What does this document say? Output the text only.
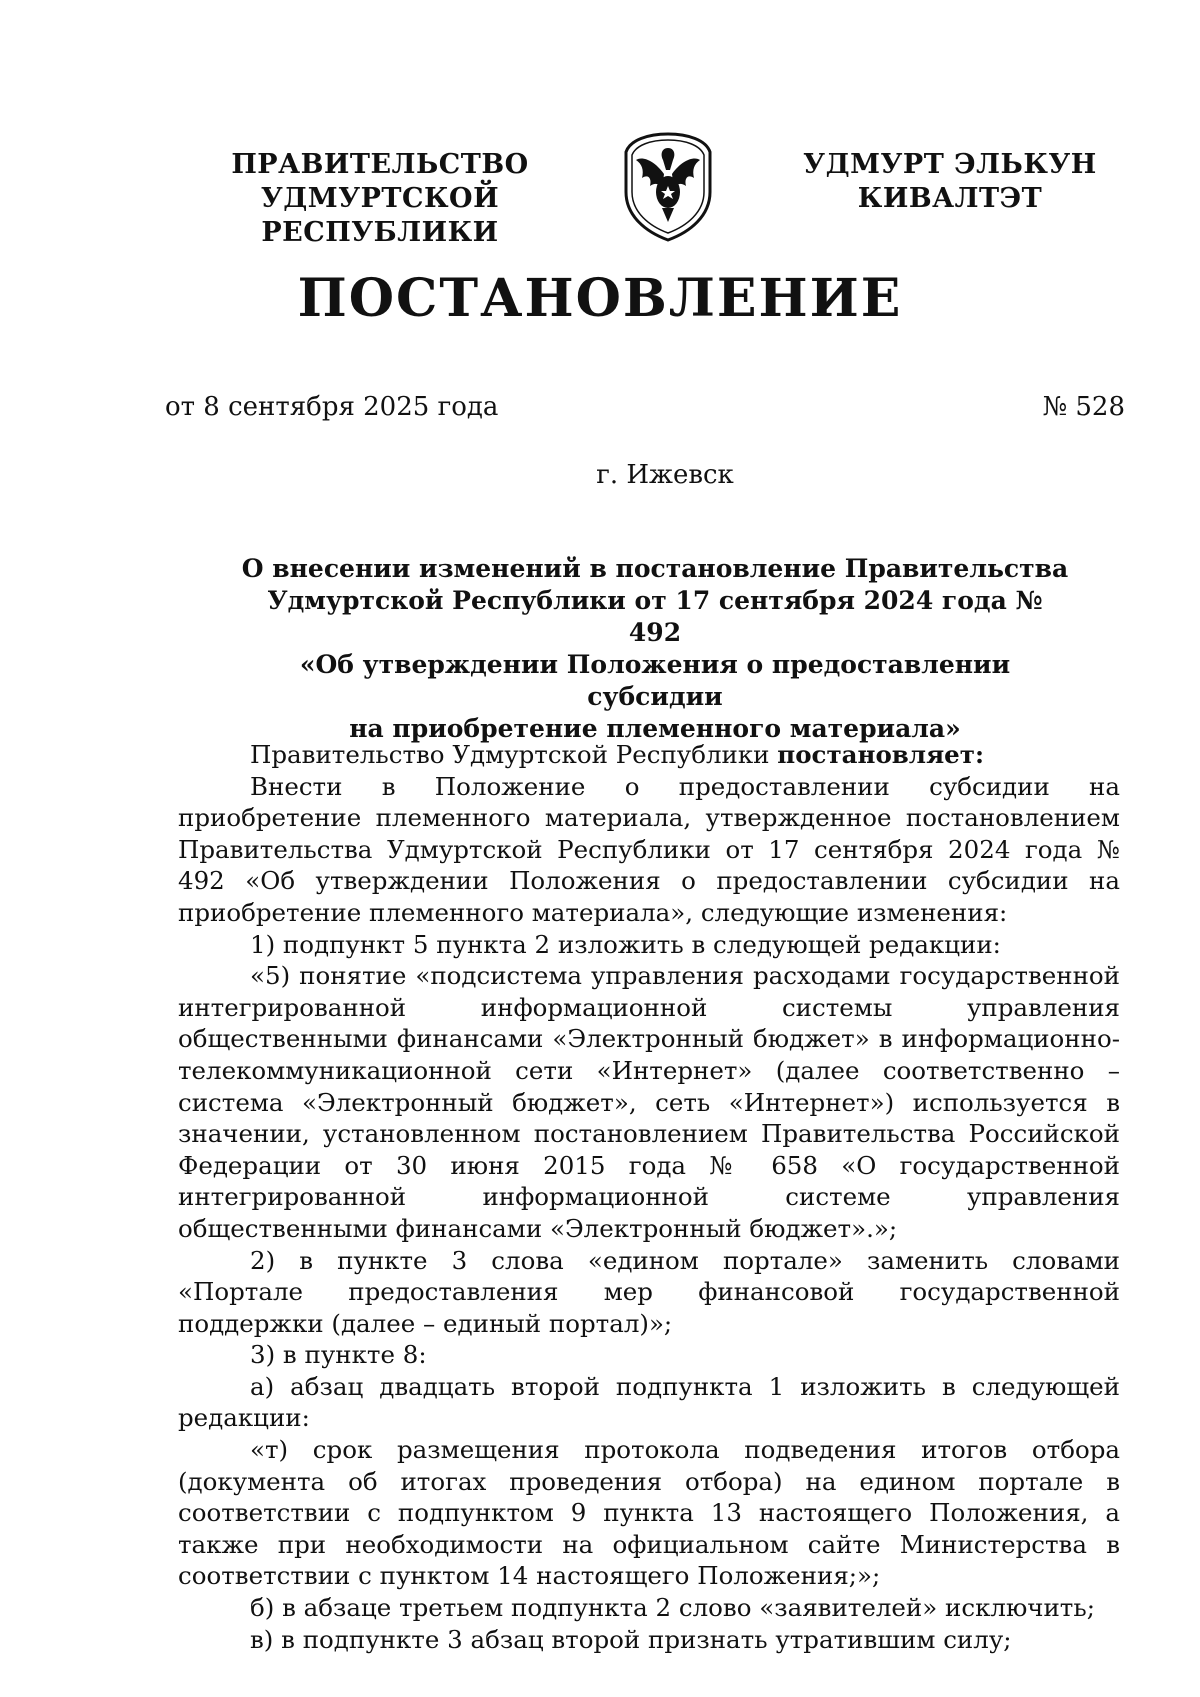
ПРАВИТЕЛЬСТВО
УДМУРТСКОЙ РЕСПУБЛИКИ
УДМУРТ ЭЛЬКУН
КИВАЛТЭТ
ПОСТАНОВЛЕНИЕ
от 8 сентября 2025 года	№ 528
г. Ижевск
О внесении изменений в постановление Правительства
Удмуртской Республики от 17 сентября 2024 года № 492
«Об утверждении Положения о предоставлении субсидии
на приобретение племенного материала»

Правительство Удмуртской Республики постановляет:

Внести в Положение о предоставлении субсидии на приобретение племенного материала, утвержденное постановлением Правительства Удмуртской Республики от 17 сентября 2024 года № 492 «Об утверждении Положения о предоставлении субсидии на приобретение племенного материала», следующие изменения:

1) подпункт 5 пункта 2 изложить в следующей редакции:

«5) понятие «подсистема управления расходами государственной интегрированной информационной системы управления общественными финансами «Электронный бюджет» в информационно-телекоммуникационной сети «Интернет» (далее соответственно – система «Электронный бюджет», сеть «Интернет») используется в значении, установленном постановлением Правительства Российской Федерации от 30 июня 2015 года № 658 «О государственной интегрированной информационной системе управления общественными финансами «Электронный бюджет».»;

2) в пункте 3 слова «едином портале» заменить словами «Портале предоставления мер финансовой государственной поддержки (далее – единый портал)»;

3) в пункте 8:

а) абзац двадцать второй подпункта 1 изложить в следующей редакции:

«т) срок размещения протокола подведения итогов отбора (документа об итогах проведения отбора) на едином портале в соответствии с подпунктом 9 пункта 13 настоящего Положения, а также при необходимости на официальном сайте Министерства в соответствии с пунктом 14 настоящего Положения;»;

б) в абзаце третьем подпункта 2 слово «заявителей» исключить;

в) в подпункте 3 абзац второй признать утратившим силу;
